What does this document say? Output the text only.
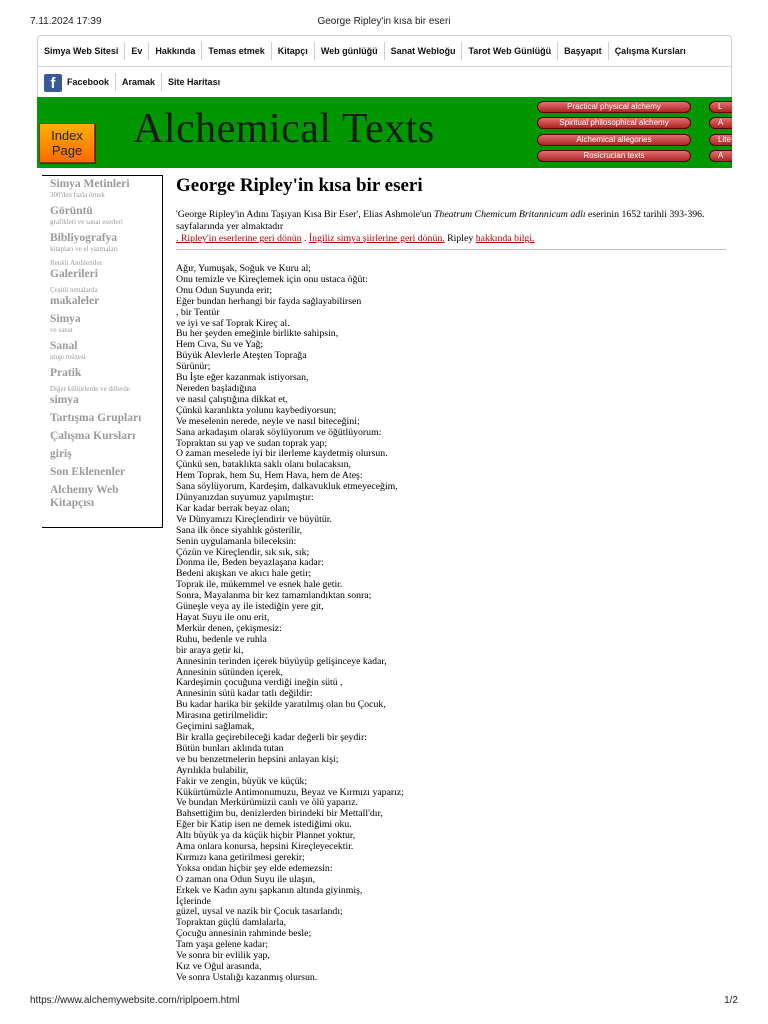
7.11.2024 17:39	George Ripley'in kısa bir eseri
Simya Web Sitesi	Ev	Hakkında	Temas etmek	Kitapçı	Web günlüğü	Sanat Webloğu	Tarot Web Günlüğü	Başyapıt	Çalışma Kursları
f Facebook	Aramak	Site Haritası
Index
Page Alchemical Texts	Practical physical alchemy
Spiritual philosophical alchemy
Alchemical allegories
Rosicrucian texts
L
A
Lite
A
Simya Metinleri
300'den fazla örnek
Görüntü
grafikleri ve sanat eserleri
Bibliyografya
kitapları ve el yazmaları
Renkli Amblemler
Galerileri
Çeşitli temalarda
makaleler
Simya
ve sanat
Sanal
imge müzesi
Pratik
Diğer kültürlerde ve dillerde
simya
Tartışma Grupları
Çalışma Kursları
giriş
Son Eklenenler
Alchemy Web Kitapçısı
George Ripley'in kısa bir eseri
'George Ripley'in Adını Taşıyan Kısa Bir Eser', Elias Ashmole'un Theatrum Chemicum Britannicum adlı eserinin 1652 tarihli 393-396. sayfalarında yer almaktadır
. Ripley'in eserlerine geri dönün . İngiliz simya şiirlerine geri dönün. Ripley hakkında bilgi.
Ağır, Yumuşak, Soğuk ve Kuru al;
Onu temizle ve Kireçlemek için onu ustaca öğüt:
Onu Odun Suyunda erit;
Eğer bundan herhangi bir fayda sağlayabilirsen
, bir Tentür
ve iyi ve saf Toprak Kireç al.
Bu her şeyden emeğinle birlikte sahipsin,
Hem Cıva, Su ve Yağ;
Büyük Alevlerle Ateşten Toprağa
Sürünür;
Bu İşte eğer kazanmak istiyorsan,
Nereden başladığına
ve nasıl çalıştığına dikkat et,
Çünkü karanlıkta yolunu kaybediyorsun;
Ve meselenin nerede, neyle ve nasıl biteceğini;
Sana arkadaşım olarak söylüyorum ve öğütlüyorum:
Topraktan su yap ve sudan toprak yap;
O zaman meselede iyi bir ilerleme kaydetmiş olursun.
Çünkü sen, bataklıkta saklı olanı bulacaksın,
Hem Toprak, hem Su, Hem Hava, hem de Ateş:
Sana söylüyorum, Kardeşim, dalkavukluk etmeyeceğim,
Dünyanızdan suyumuz yapılmıştır:
Kar kadar berrak beyaz olan;
Ve Dünyamızı Kireçlendirir ve büyütür.
Sana ilk önce siyahlık gösterilir,
Senin uygulamanla bileceksin:
Çözün ve Kireçlendir, sık sık, sık;
Donma ile, Beden beyazlaşana kadar:
Bedeni akışkan ve akıcı hale getir;
Toprak ile, mükemmel ve esnek hale getir.
Sonra, Mayalanma bir kez tamamlandıktan sonra;
Güneşle veya ay ile istediğin yere git,
Hayat Suyu ile onu erit,
Merkür denen, çekişmesiz:
Ruhu, bedenle ve ruhla
bir araya getir ki,
Annesinin terinden içerek büyüyüp gelişinceye kadar,
Annesinin sütünden içerek,
Kardeşimin çocuğuna verdiği ineğin sütü ,
Annesinin sütü kadar tatlı değildir:
Bu kadar harika bir şekilde yaratılmış olan bu Çocuk,
Mirasına getirilmelidir:
Geçimini sağlamak,
Bir kralla geçirebileceği kadar değerli bir şeydir:
Bütün bunları aklında tutan
ve bu benzetmelerin hepsini anlayan kişi;
Ayrılıkla bulabilir,
Fakir ve zengin, büyük ve küçük;
Kükürtümüzle Antimonumuzu, Beyaz ve Kırmızı yaparız;
Ve bundan Merkürümüzü canlı ve ölü yaparız.
Bahsettiğim bu, denizlerden birindeki bir Mettall'dır,
Eğer bir Katip isen ne demek istediğimi oku.
Altı büyük ya da küçük hiçbir Plannet yoktur,
Ama onlara konursa, hepsini Kireçleyecektir.
Kırmızı kana getirilmesi gerekir;
Yoksa ondan hiçbir şey elde edemezsin:
O zaman ona Odun Suyu ile ulaşın,
Erkek ve Kadın aynı şapkanın altında giyinmiş,
İçlerinde
güzel, uysal ve nazik bir Çocuk tasarlandı;
Topraktan güçlü damlalarla,
Çocuğu annesinin rahminde besle;
Tam yaşa gelene kadar;
Ve sonra bir evlilik yap,
Kız ve Oğul arasında,
Ve sonra Ustalığı kazanmış olursun.
https://www.alchemywebsite.com/riplpoem.html	1/2
